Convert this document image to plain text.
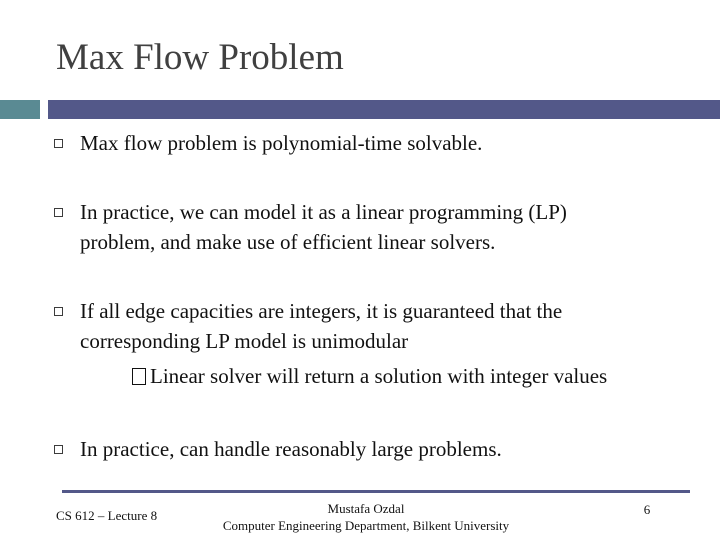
Max Flow Problem
Max flow problem is polynomial-time solvable.
In practice, we can model it as a linear programming (LP)
problem, and make use of efficient linear solvers.
If all edge capacities are integers, it is guaranteed that the
corresponding LP model is unimodular
Linear solver will return a solution with integer values
In practice, can handle reasonably large problems.
CS 612 – Lecture 8	Mustafa Ozdal
Computer Engineering Department, Bilkent University
6
